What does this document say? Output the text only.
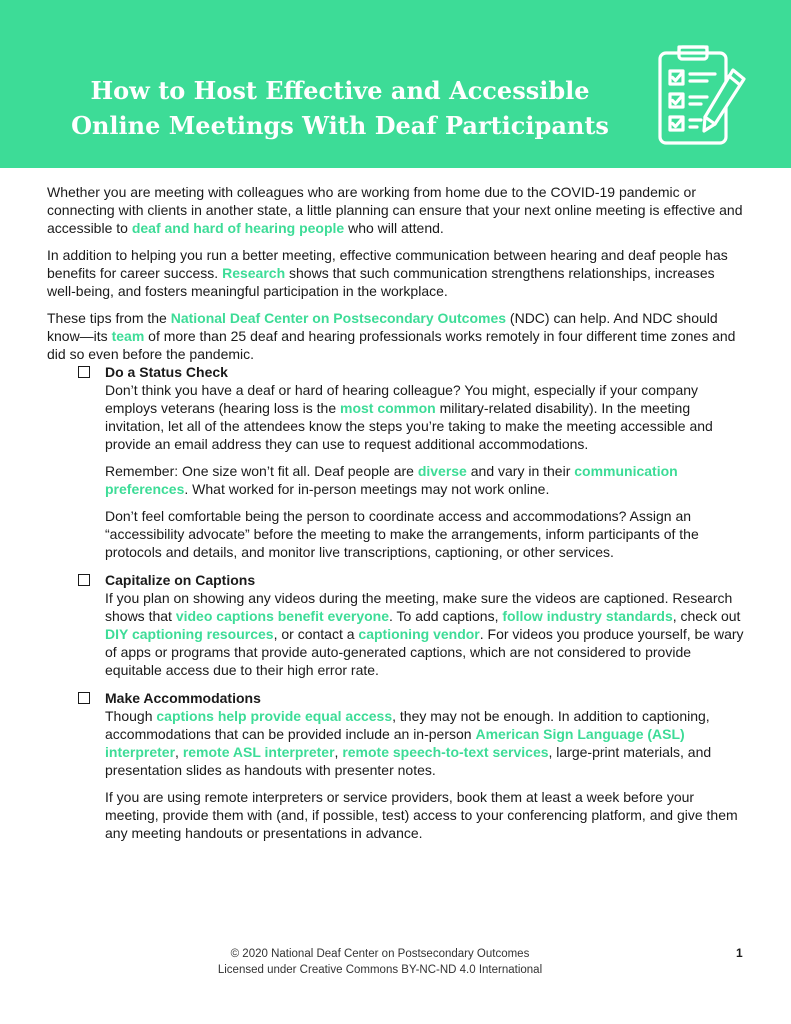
How to Host Effective and Accessible
Online Meetings With Deaf Participants

Whether you are meeting with colleagues who are working from home due to the COVID-19 pandemic or connecting with clients in another state, a little planning can ensure that your next online meeting is effective and accessible to deaf and hard of hearing people who will attend.

In addition to helping you run a better meeting, effective communication between hearing and deaf people has benefits for career success. Research shows that such communication strengthens relationships, increases well-being, and fosters meaningful participation in the workplace.

These tips from the National Deaf Center on Postsecondary Outcomes (NDC) can help. And NDC should know—its team of more than 25 deaf and hearing professionals works remotely in four different time zones and did so even before the pandemic.

Do a Status Check

Don’t think you have a deaf or hard of hearing colleague? You might, especially if your company employs veterans (hearing loss is the most common military-related disability). In the meeting invitation, let all of the attendees know the steps you’re taking to make the meeting accessible and provide an email address they can use to request additional accommodations.

Remember: One size won’t fit all. Deaf people are diverse and vary in their communication preferences. What worked for in-person meetings may not work online.

Don’t feel comfortable being the person to coordinate access and accommodations? Assign an “accessibility advocate” before the meeting to make the arrangements, inform participants of the protocols and details, and monitor live transcriptions, captioning, or other services.

Capitalize on Captions

If you plan on showing any videos during the meeting, make sure the videos are captioned. Research shows that video captions benefit everyone. To add captions, follow industry standards, check out DIY captioning resources, or contact a captioning vendor. For videos you produce yourself, be wary of apps or programs that provide auto-generated captions, which are not considered to provide equitable access due to their high error rate.

Make Accommodations

Though captions help provide equal access, they may not be enough. In addition to captioning, accommodations that can be provided include an in-person American Sign Language (ASL) interpreter, remote ASL interpreter, remote speech-to-text services, large-print materials, and presentation slides as handouts with presenter notes.

If you are using remote interpreters or service providers, book them at least a week before your meeting, provide them with (and, if possible, test) access to your conferencing platform, and give them any meeting handouts or presentations in advance.

© 2020 National Deaf Center on Postsecondary Outcomes
Licensed under Creative Commons BY-NC-ND 4.0 International
1
